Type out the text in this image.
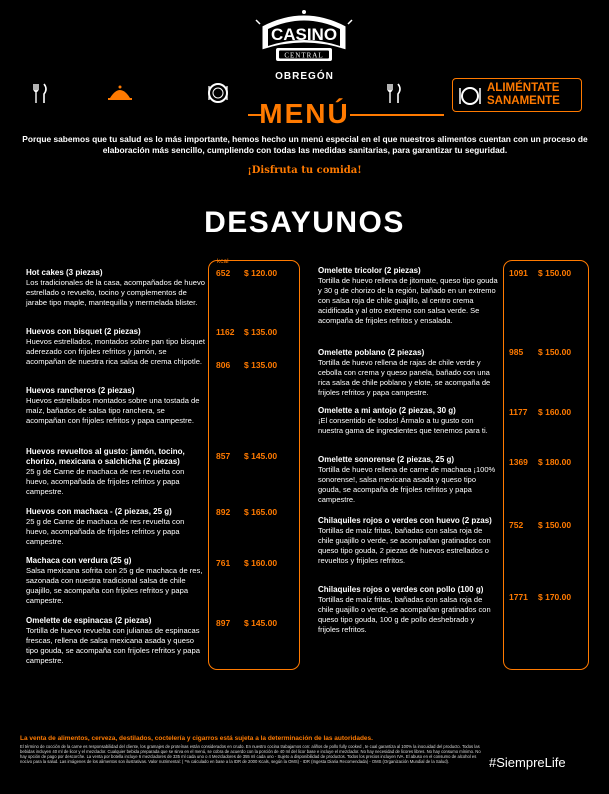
CASINO
CENTRAL
OBREGÓN
MENÚ
ALIMÉNTATE
SANAMENTE
Porque sabemos que tu salud es lo más importante, hemos hecho un menú especial en el que nuestros alimentos cuentan con un proceso de elaboración más sencillo, cumpliendo con todas las medidas sanitarias, para garantizar tu seguridad.
¡Disfruta tu comida!
DESAYUNOS
kcal
Hot cakes (3 piezas)
Los tradicionales de la casa, acompañados de huevo estrellado o revuelto, tocino y complementos de jarabe tipo maple, mantequilla y mermelada blister.
652 $ 120.00
Huevos con bisquet (2 piezas)
Huevos estrellados, montados sobre pan tipo bisquet aderezado con frijoles refritos y jamón, se acompañan de nuestra rica salsa de crema chipotle.
1162 $ 135.00
Huevos rancheros (2 piezas)
Huevos estrellados montados sobre una tostada de maíz, bañados de salsa tipo ranchera, se acompañan con frijoles refritos y papa campestre.
806 $ 135.00
Huevos revueltos al gusto: jamón, tocino, chorizo, mexicana o salchicha (2 piezas)
25 g de Carne de machaca de res revuelta con huevo, acompañada de frijoles refritos y papa campestre.
857 $ 145.00
Huevos con machaca - (2 piezas, 25 g)
25 g de Carne de machaca de res revuelta con huevo, acompañada de frijoles refritos y papa campestre.
892 $ 165.00
Machaca con verdura (25 g)
Salsa mexicana sofrita con 25 g de machaca de res, sazonada con nuestra tradicional salsa de chile guajillo, se acompaña con frijoles refritos y papa campestre.
761 $ 160.00
Omelette de espinacas (2 piezas)
Tortilla de huevo revuelta con julianas de espinacas frescas, rellena de salsa mexicana asada y queso tipo gouda, se acompaña con frijoles refritos y papa campestre.
897 $ 145.00
Omelette tricolor (2 piezas)
Tortilla de huevo rellena de jitomate, queso tipo gouda y 30 g de chorizo de la región, bañado en un extremo con salsa roja de chile guajillo, al centro crema acidificada y al otro extremo con salsa verde. Se acompaña de frijoles refritos y ensalada.
1091 $ 150.00
Omelette poblano (2 piezas)
Tortilla de huevo rellena de rajas de chile verde y cebolla con crema y queso panela, bañado con una rica salsa de chile poblano y elote, se acompaña de frijoles refritos y papa campestre.
985 $ 150.00
Omelette a mi antojo (2 piezas, 30 g)
¡El consentido de todos! Ármalo a tu gusto con nuestra gama de ingredientes que tenemos para ti.
1177 $ 160.00
Omelette sonorense (2 piezas, 25 g)
Tortilla de huevo rellena de carne de machaca ¡100% sonorense!, salsa mexicana asada y queso tipo gouda, se acompaña de frijoles refritos y papa campestre.
1369 $ 180.00
Chilaquiles rojos o verdes con huevo (2 pzas)
Tortillas de maíz fritas, bañadas con salsa roja de chile guajillo o verde, se acompañan gratinados con queso tipo gouda, 2 piezas de huevos estrellados o revueltos y frijoles refritos.
752 $ 150.00
Chilaquiles rojos o verdes con pollo (100 g)
Tortillas de maíz fritas, bañadas con salsa roja de chile guajillo o verde, se acompañan gratinados con queso tipo gouda, 100 g de pollo deshebrado y frijoles refritos.
1771 $ 170.00
La venta de alimentos, cerveza, destilados, coctelería y cigarros está sujeta a la determinación de las autoridades.
El término de cocción de la carne es responsabilidad del cliente, los gramajes de proteínas están considerados en crudo. En nuestro cocina trabajamos con: aliños de pollo fully cooked , te cual garantiza al 100% la inocuidad del producto. Todos las bebidas incluyen 40 ml de licor y el mezclador. Cualquier bebida preparada que se sirva en el menú, se cobra de acuerdo con la porción de 40 ml del licor base e incluye el mezclador. No hay necesidad de licores libres. No hay consumo mínimo. No hay opción de pago por descorche. La venta por botella incluye 6 mezcladores de 335 ml cada uno o 4 Mezcladores de 355 ml cada uno - Sujeto a disponibilidad de productos. Todos los precios incluyen IVA. El abuso en el consumo de alcohol es nocivo para la salud. Las imágenes de los alimentos son ilustrativas. Valor nutrimental: ( *% calculado en base a la IDR de 2000 Kcals, según la OMS) - IDR (Ingesta Diaria Recomendada) - OMS (Organización Mundial de la Salud).	#SiempreLife
